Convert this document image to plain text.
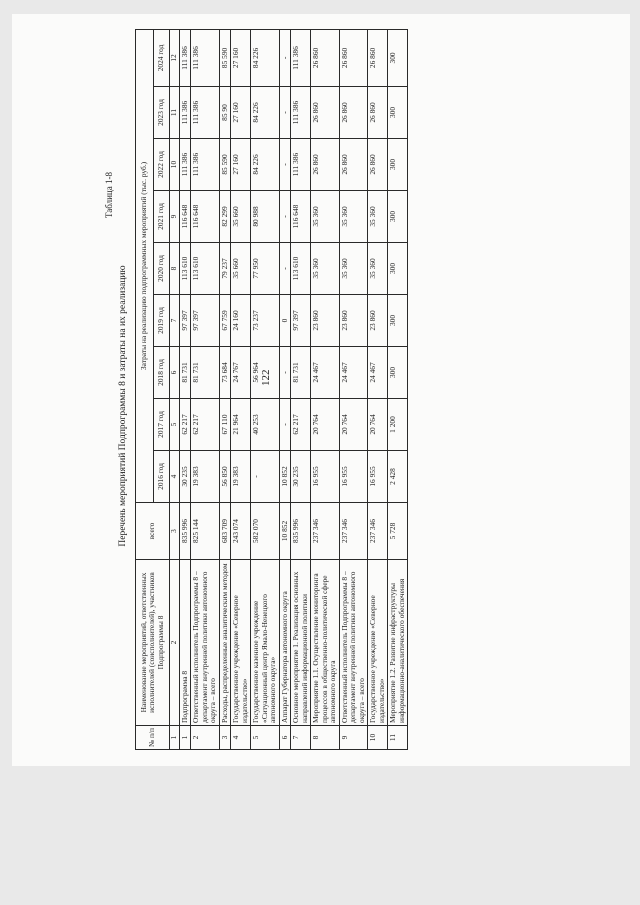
122
Таблица 1-8
Перечень мероприятий Подпрограммы 8 и затраты на их реализацию
№ п/п	Наименование мероприятий, ответственных исполнителей (соисполнителей), участников Подпрограммы 8	всего	Затраты на реализацию подпрограммных мероприятий (тыс. руб.)								
			2016 год	2017 год	2018 год	2019 год	2020 год	2021 год	2022 год	2023 год	2024 год
1	2	3	4	5	6	7	8	9	10	11	12
1	Подпрограмма 8	835 996	30 235	62 217	81 731	97 397	113 610	116 648	111 386	111 386	111 386
2	Ответственный исполнитель Подпрограммы 8 – департамент внутренней политики автономного округа – всего	825 144	19 383	62 217	81 731	97 397	113 610	116 648	111 386	111 386	111 386
3	Расходы, распределенные аналитическим методом	683 709	56 850	67 110	73 684	67 759	79 237	82 299	85 590	85 90	85 590
4	Государственное учреждение «Северное издательство»	243 074	19 383	21 964	24 767	24 160	35 660	35 660	27 160	27 160	27 160
5	Государственное казенное учреждение «Ситуационный центр Ямало-Ненецкого автономного округа»	582 070	-	40 253	56 964	73 237	77 950	80 988	84 226	84 226	84 226
6	Аппарат Губернатора автономного округа	10 852	10 852	-	-	0	-	-	-	-	-
7	Основное мероприятие 1. Реализация основных направлений информационной политики	835 996	30 235	62 217	81 731	97 397	113 610	116 648	111 386	111 386	111 386
8	Мероприятие 1.1. Осуществление мониторинга процессов в общественно-политической сфере автономного округа	237 346	16 955	20 764	24 467	23 860	35 360	35 360	26 860	26 860	26 860
9	Ответственный исполнитель Подпрограммы 8 – департамент внутренней политики автономного округа – всего	237 346	16 955	20 764	24 467	23 860	35 360	35 360	26 860	26 860	26 860
10	Государственное учреждение «Северное издательство»	237 346	16 955	20 764	24 467	23 860	35 360	35 360	26 860	26 860	26 860
11	Мероприятие 1.2. Развитие инфраструктуры информационно-аналитического обеспечения	5 728	2 428	1 200	300	300	300	300	300	300	300
